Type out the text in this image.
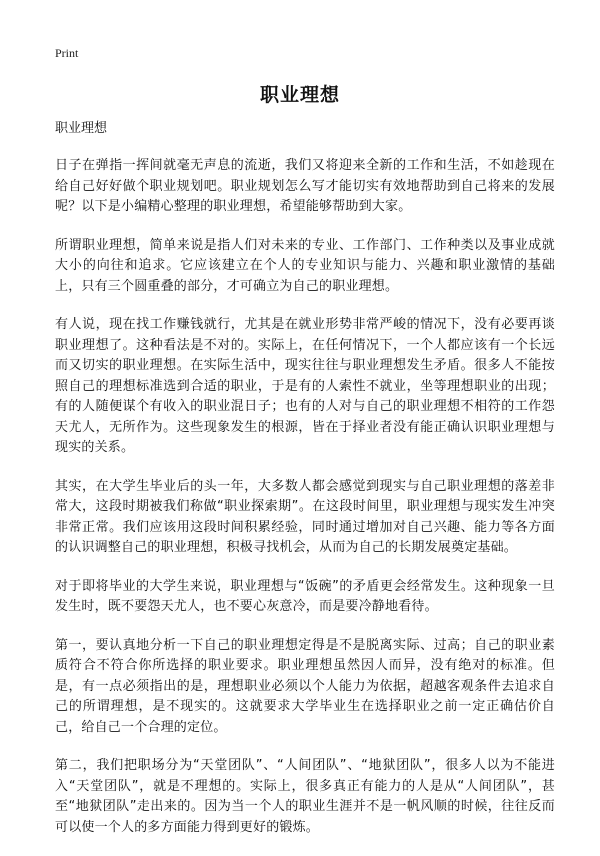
Print
职业理想

职业理想

日子在弹指一挥间就毫无声息的流逝，我们又将迎来全新的工作和生活，不如趁现在给自己好好做个职业规划吧。职业规划怎么写才能切实有效地帮助到自己将来的发展呢？以下是小编精心整理的职业理想，希望能够帮助到大家。

所谓职业理想，简单来说是指人们对未来的专业、工作部门、工作种类以及事业成就大小的向往和追求。它应该建立在个人的专业知识与能力、兴趣和职业激情的基础上，只有三个圆重叠的部分，才可确立为自己的职业理想。

有人说，现在找工作赚钱就行，尤其是在就业形势非常严峻的情况下，没有必要再谈职业理想了。这种看法是不对的。实际上，在任何情况下，一个人都应该有一个长远而又切实的职业理想。在实际生活中，现实往往与职业理想发生矛盾。很多人不能按照自己的理想标准选到合适的职业，于是有的人索性不就业，坐等理想职业的出现；有的人随便谋个有收入的职业混日子；也有的人对与自己的职业理想不相符的工作怨天尤人，无所作为。这些现象发生的根源，皆在于择业者没有能正确认识职业理想与现实的关系。

其实，在大学生毕业后的头一年，大多数人都会感觉到现实与自己职业理想的落差非常大，这段时期被我们称做“职业探索期”。在这段时间里，职业理想与现实发生冲突非常正常。我们应该用这段时间积累经验，同时通过增加对自己兴趣、能力等各方面的认识调整自己的职业理想，积极寻找机会，从而为自己的长期发展奠定基础。

对于即将毕业的大学生来说，职业理想与“饭碗”的矛盾更会经常发生。这种现象一旦发生时，既不要怨天尤人，也不要心灰意冷，而是要冷静地看待。

第一，要认真地分析一下自己的职业理想定得是不是脱离实际、过高；自己的职业素质符合不符合你所选择的职业要求。职业理想虽然因人而异，没有绝对的标准。但是，有一点必须指出的是，理想职业必须以个人能力为依据，超越客观条件去追求自己的所谓理想，是不现实的。这就要求大学毕业生在选择职业之前一定正确估价自己，给自己一个合理的定位。

第二，我们把职场分为“天堂团队”、“人间团队”、“地狱团队”，很多人以为不能进入“天堂团队”，就是不理想的。实际上，很多真正有能力的人是从“人间团队”，甚至“地狱团队”走出来的。因为当一个人的职业生涯并不是一帆风顺的时候，往往反而可以使一个人的多方面能力得到更好的锻炼。
